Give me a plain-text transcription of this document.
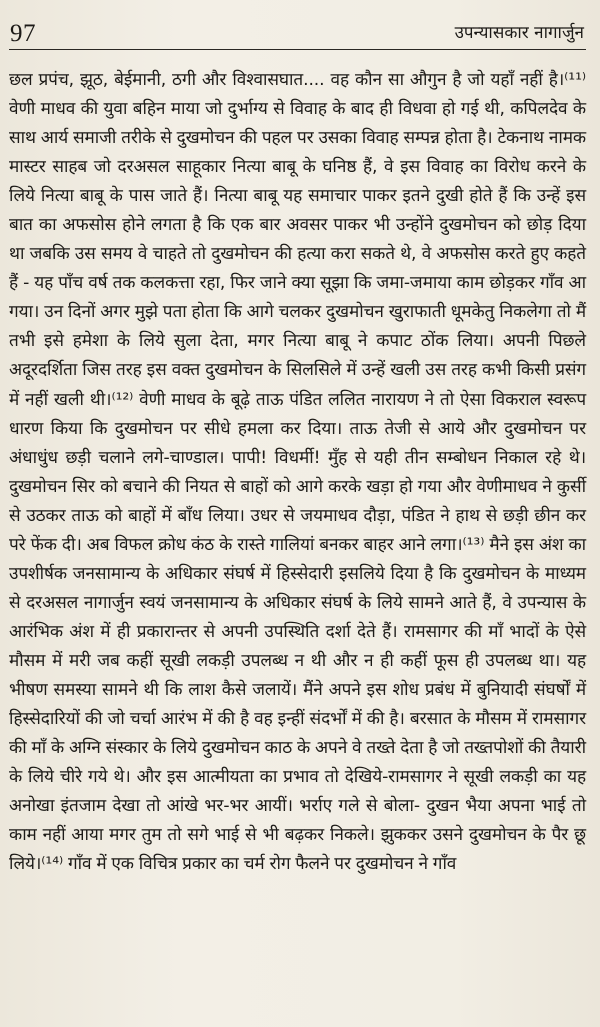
97	उपन्यासकार नागार्जुन

छल प्रपंच, झूठ, बेईमानी, ठगी और विश्वासघात.... वह कौन सा औगुन है जो यहाँ नहीं है।⁽¹¹⁾ वेणी माधव की युवा बहिन माया जो दुर्भाग्य से विवाह के बाद ही विधवा हो गई थी, कपिलदेव के साथ आर्य समाजी तरीके से दुखमोचन की पहल पर उसका विवाह सम्पन्न होता है। टेकनाथ नामक मास्टर साहब जो दरअसल साहूकार नित्या बाबू के घनिष्ठ हैं, वे इस विवाह का विरोध करने के लिये नित्या बाबू के पास जाते हैं। नित्या बाबू यह समाचार पाकर इतने दुखी होते हैं कि उन्हें इस बात का अफसोस होने लगता है कि एक बार अवसर पाकर भी उन्होंने दुखमोचन को छोड़ दिया था जबकि उस समय वे चाहते तो दुखमोचन की हत्या करा सकते थे, वे अफसोस करते हुए कहते हैं - यह पाँच वर्ष तक कलकत्ता रहा, फिर जाने क्या सूझा कि जमा-जमाया काम छोड़कर गाँव आ गया। उन दिनों अगर मुझे पता होता कि आगे चलकर दुखमोचन खुराफाती धूमकेतु निकलेगा तो मैं तभी इसे हमेशा के लिये सुला देता, मगर नित्या बाबू ने कपाट ठोंक लिया। अपनी पिछले अदूरदर्शिता जिस तरह इस वक्त दुखमोचन के सिलसिले में उन्हें खली उस तरह कभी किसी प्रसंग में नहीं खली थी।⁽¹²⁾ वेणी माधव के बूढ़े ताऊ पंडित ललित नारायण ने तो ऐसा विकराल स्वरूप धारण किया कि दुखमोचन पर सीधे हमला कर दिया। ताऊ तेजी से आये और दुखमोचन पर अंधाधुंध छड़ी चलाने लगे-चाण्डाल। पापी! विधर्मी! मुँह से यही तीन सम्बोधन निकाल रहे थे। दुखमोचन सिर को बचाने की नियत से बाहों को आगे करके खड़ा हो गया और वेणीमाधव ने कुर्सी से उठकर ताऊ को बाहों में बाँध लिया। उधर से जयमाधव दौड़ा, पंडित ने हाथ से छड़ी छीन कर परे फेंक दी। अब विफल क्रोध कंठ के रास्ते गालियां बनकर बाहर आने लगा।⁽¹³⁾ मैने इस अंश का उपशीर्षक जनसामान्य के अधिकार संघर्ष में हिस्सेदारी इसलिये दिया है कि दुखमोचन के माध्यम से दरअसल नागार्जुन स्वयं जनसामान्य के अधिकार संघर्ष के लिये सामने आते हैं, वे उपन्यास के आरंभिक अंश में ही प्रकारान्तर से अपनी उपस्थिति दर्शा देते हैं। रामसागर की माँ भादों के ऐसे मौसम में मरी जब कहीं सूखी लकड़ी उपलब्ध न थी और न ही कहीं फूस ही उपलब्ध था। यह भीषण समस्या सामने थी कि लाश कैसे जलायें। मैंने अपने इस शोध प्रबंध में बुनियादी संघर्षों में हिस्सेदारियों की जो चर्चा आरंभ में की है वह इन्हीं संदर्भों में की है। बरसात के मौसम में रामसागर की माँ के अग्नि संस्कार के लिये दुखमोचन काठ के अपने वे तख्ते देता है जो तख्तपोशों की तैयारी के लिये चीरे गये थे। और इस आत्मीयता का प्रभाव तो देखिये-रामसागर ने सूखी लकड़ी का यह अनोखा इंतजाम देखा तो आंखे भर-भर आयीं। भर्राए गले से बोला- दुखन भैया अपना भाई तो काम नहीं आया मगर तुम तो सगे भाई से भी बढ़कर निकले। झुककर उसने दुखमोचन के पैर छू लिये।⁽¹⁴⁾ गाँव में एक विचित्र प्रकार का चर्म रोग फैलने पर दुखमोचन ने गाँव
